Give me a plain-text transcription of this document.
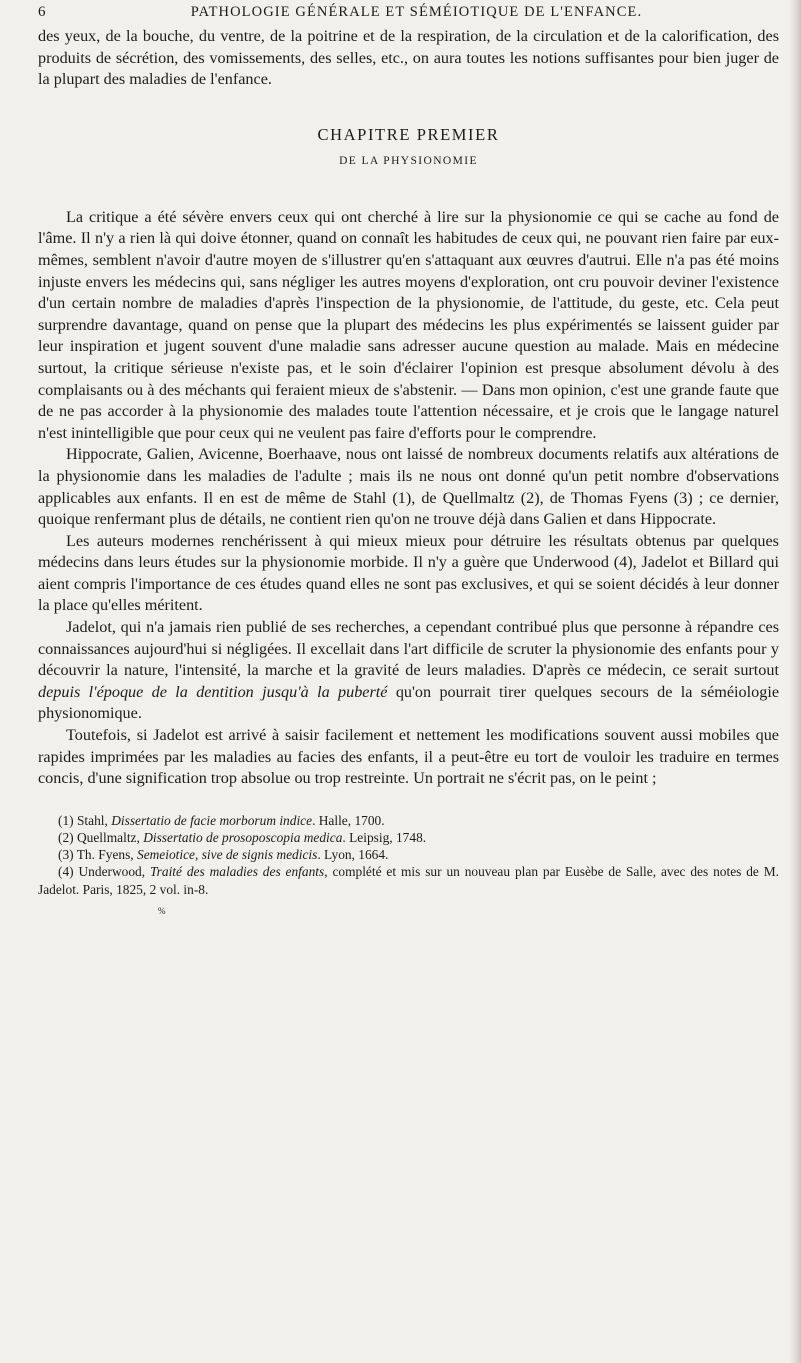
6	PATHOLOGIE GÉNÉRALE ET SÉMÉIOTIQUE DE L'ENFANCE.

des yeux, de la bouche, du ventre, de la poitrine et de la respiration, de la circulation et de la calorification, des produits de sécrétion, des vomissements, des selles, etc., on aura toutes les notions suffisantes pour bien juger de la plupart des maladies de l'enfance.

CHAPITRE PREMIER
DE LA PHYSIONOMIE

La critique a été sévère envers ceux qui ont cherché à lire sur la physionomie ce qui se cache au fond de l'âme. Il n'y a rien là qui doive étonner, quand on connaît les habitudes de ceux qui, ne pouvant rien faire par eux-mêmes, semblent n'avoir d'autre moyen de s'illustrer qu'en s'attaquant aux œuvres d'autrui. Elle n'a pas été moins injuste envers les médecins qui, sans négliger les autres moyens d'exploration, ont cru pouvoir deviner l'existence d'un certain nombre de maladies d'après l'inspection de la physionomie, de l'attitude, du geste, etc. Cela peut surprendre davantage, quand on pense que la plupart des médecins les plus expérimentés se laissent guider par leur inspiration et jugent souvent d'une maladie sans adresser aucune question au malade. Mais en médecine surtout, la critique sérieuse n'existe pas, et le soin d'éclairer l'opinion est presque absolument dévolu à des complaisants ou à des méchants qui feraient mieux de s'abstenir. — Dans mon opinion, c'est une grande faute que de ne pas accorder à la physionomie des malades toute l'attention nécessaire, et je crois que le langage naturel n'est inintelligible que pour ceux qui ne veulent pas faire d'efforts pour le comprendre.

Hippocrate, Galien, Avicenne, Boerhaave, nous ont laissé de nombreux documents relatifs aux altérations de la physionomie dans les maladies de l'adulte ; mais ils ne nous ont donné qu'un petit nombre d'observations applicables aux enfants. Il en est de même de Stahl (1), de Quellmaltz (2), de Thomas Fyens (3) ; ce dernier, quoique renfermant plus de détails, ne contient rien qu'on ne trouve déjà dans Galien et dans Hippocrate.

Les auteurs modernes renchérissent à qui mieux mieux pour détruire les résultats obtenus par quelques médecins dans leurs études sur la physionomie morbide. Il n'y a guère que Underwood (4), Jadelot et Billard qui aient compris l'importance de ces études quand elles ne sont pas exclusives, et qui se soient décidés à leur donner la place qu'elles méritent.

Jadelot, qui n'a jamais rien publié de ses recherches, a cependant contribué plus que personne à répandre ces connaissances aujourd'hui si négligées. Il excellait dans l'art difficile de scruter la physionomie des enfants pour y découvrir la nature, l'intensité, la marche et la gravité de leurs maladies. D'après ce médecin, ce serait surtout depuis l'époque de la dentition jusqu'à la puberté qu'on pourrait tirer quelques secours de la séméiologie physionomique.

Toutefois, si Jadelot est arrivé à saisir facilement et nettement les modifications souvent aussi mobiles que rapides imprimées par les maladies au facies des enfants, il a peut-être eu tort de vouloir les traduire en termes concis, d'une signification trop absolue ou trop restreinte. Un portrait ne s'écrit pas, on le peint ;

(1) Stahl, Dissertatio de facie morborum indice. Halle, 1700.

(2) Quellmaltz, Dissertatio de prosoposcopia medica. Leipsig, 1748.

(3) Th. Fyens, Semeiotice, sive de signis medicis. Lyon, 1664.

(4) Underwood, Traité des maladies des enfants, complété et mis sur un nouveau plan par Eusèbe de Salle, avec des notes de M. Jadelot. Paris, 1825, 2 vol. in-8.

%
